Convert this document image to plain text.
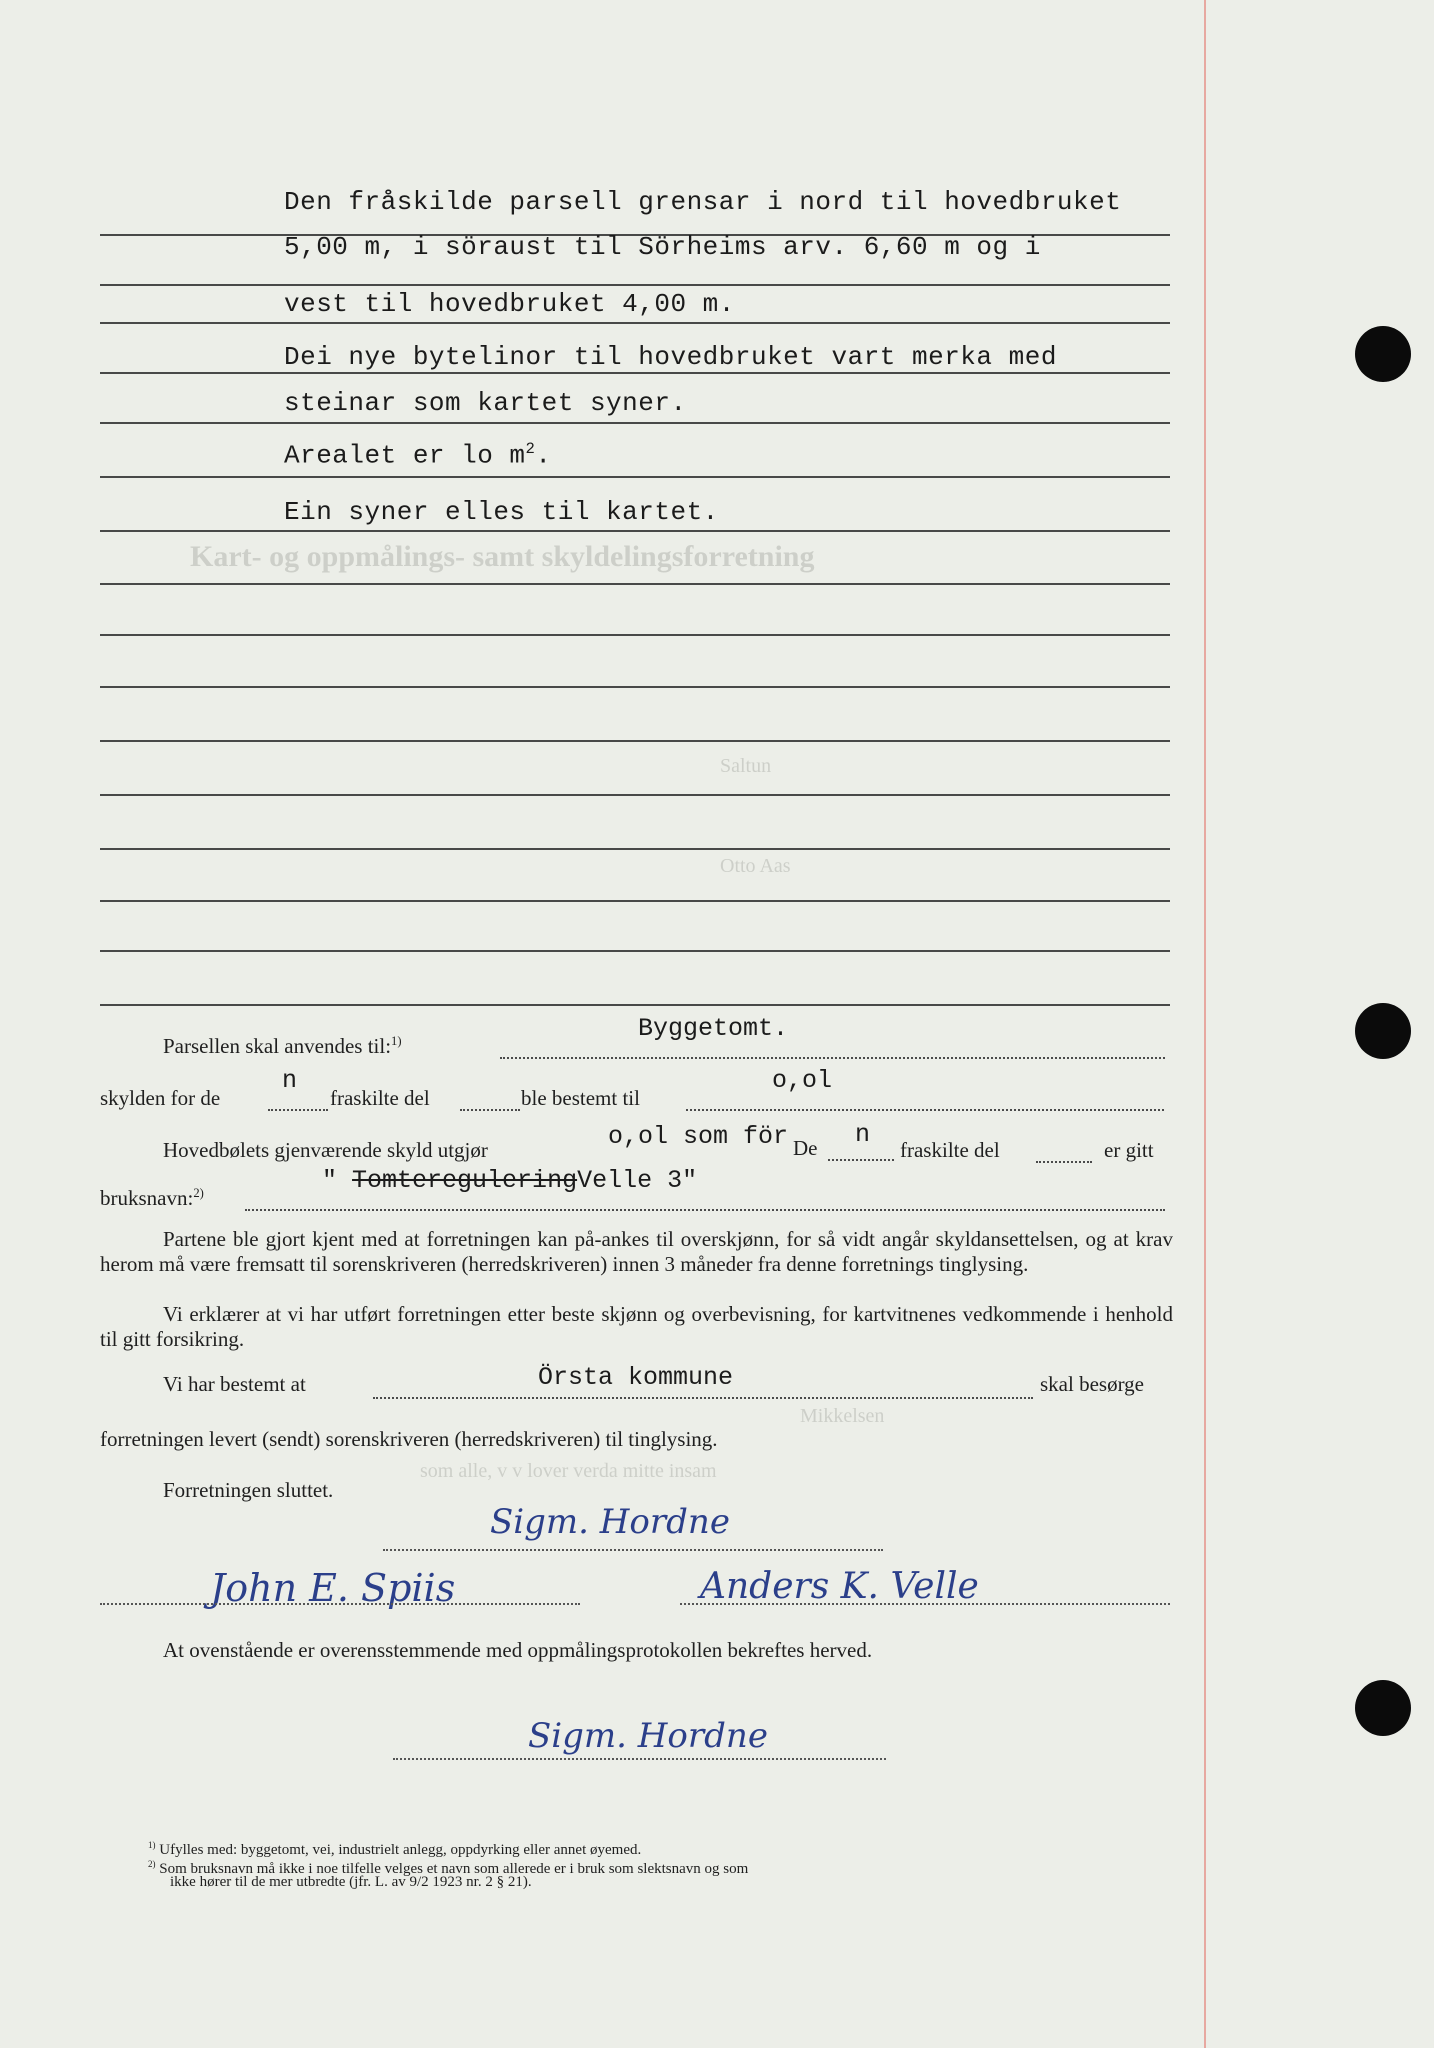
Kart- og oppmålings- samt skyldelingsforretning
Saltun
Otto Aas
Mikkelsen
som alle, v v lover verda mitte insam
Den fråskilde parsell grensar i nord til hovedbruket
5,00 m, i söraust til Sörheims arv. 6,60 m og i
vest til hovedbruket 4,00 m.
Dei nye bytelinor til hovedbruket vart merka med
steinar som kartet syner.
Arealet er lo $m^2$.
Ein syner elles til kartet.
Parsellen skal anvendes til:$^{1)}$	Byggetomt.
skylden for de
n
fraskilte del	ble bestemt til
o,ol
Hovedbølets gjenværende skyld utgjør	o,ol som för De n
fraskilte del	er gitt
bruksnavn:$^{2)}$	" TomtereguleringVelle 3"
Partene ble gjort kjent med at forretningen kan på-ankes til overskjønn, for så vidt angår skyldansettelsen, og at krav herom må være fremsatt til sorenskriveren (herredskriveren) innen 3 måneder fra denne forretnings tinglysing.
Vi erklærer at vi har utført forretningen etter beste skjønn og overbevisning, for kartvitnenes vedkommende i henhold til gitt forsikring.
Vi har bestemt at	Örsta kommune	skal besørge
forretningen levert (sendt) sorenskriveren (herredskriveren) til tinglysing.
Forretningen sluttet.
Sigm. Hordne
John E. Spiis	Anders K. Velle
At ovenstående er overensstemmende med oppmålingsprotokollen bekreftes herved.
Sigm. Hordne
$^{1)}$ Ufylles med: byggetomt, vei, industrielt anlegg, oppdyrking eller annet øyemed.
$^{2)}$ Som bruksnavn må ikke i noe tilfelle velges et navn som allerede er i bruk som slektsnavn og som
ikke hører til de mer utbredte (jfr. L. av 9/2 1923 nr. 2 § 21).
